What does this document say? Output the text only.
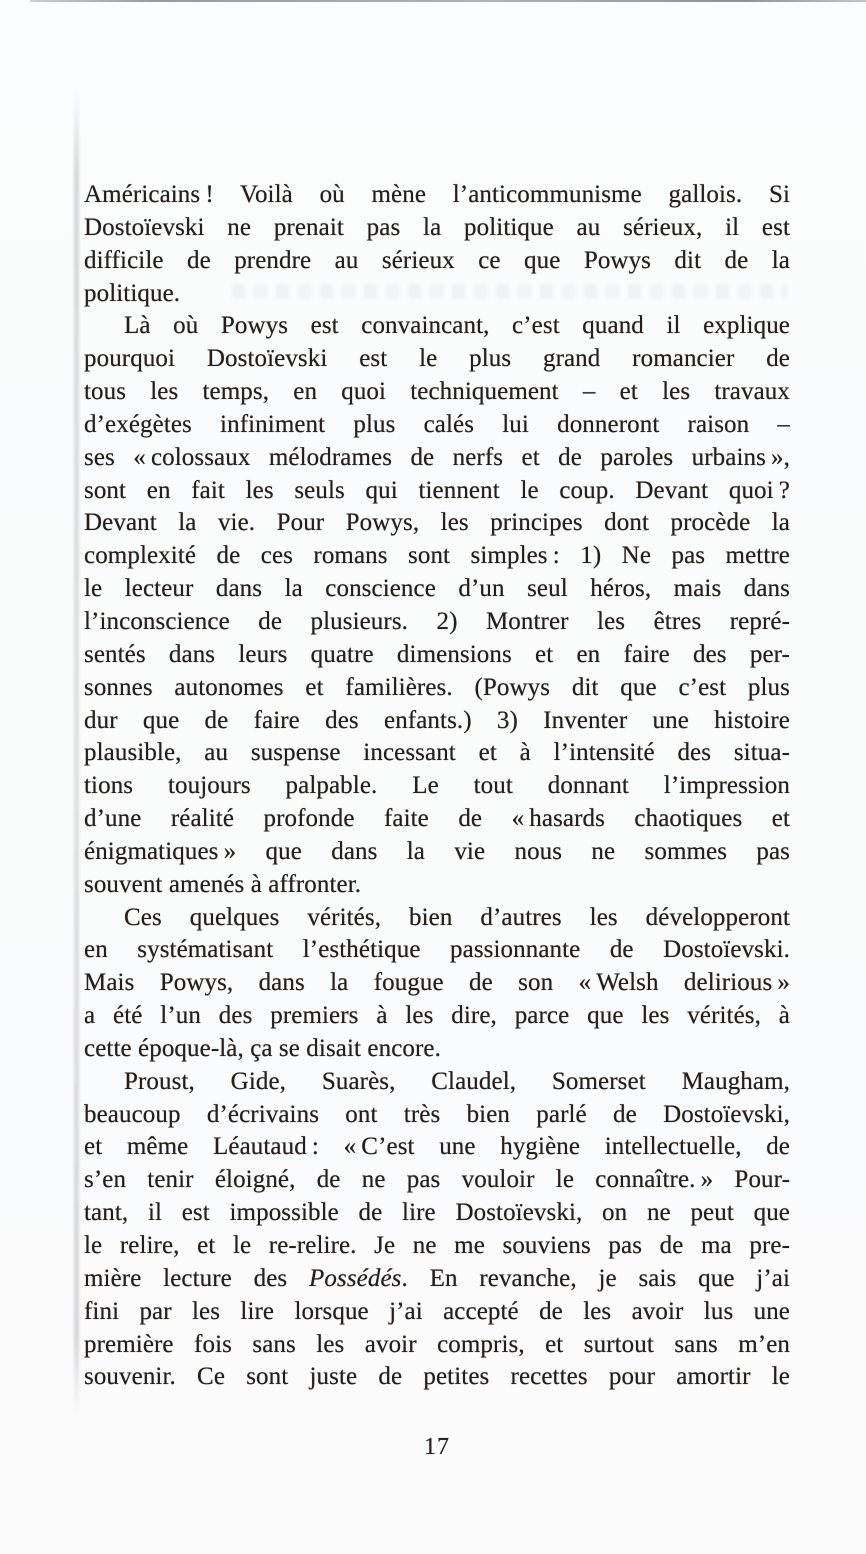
Américains ! Voilà où mène l’anticommunisme gallois. Si
Dostoïevski ne prenait pas la politique au sérieux, il est
difficile de prendre au sérieux ce que Powys dit de la
politique.
Là où Powys est convaincant, c’est quand il explique
pourquoi Dostoïevski est le plus grand romancier de
tous les temps, en quoi techniquement – et les travaux
d’exégètes infiniment plus calés lui donneront raison –
ses « colossaux mélodrames de nerfs et de paroles urbains »,
sont en fait les seuls qui tiennent le coup. Devant quoi ?
Devant la vie. Pour Powys, les principes dont procède la
complexité de ces romans sont simples : 1) Ne pas mettre
le lecteur dans la conscience d’un seul héros, mais dans
l’inconscience de plusieurs. 2) Montrer les êtres repré-
sentés dans leurs quatre dimensions et en faire des per-
sonnes autonomes et familières. (Powys dit que c’est plus
dur que de faire des enfants.) 3) Inventer une histoire
plausible, au suspense incessant et à l’intensité des situa-
tions toujours palpable. Le tout donnant l’impression
d’une réalité profonde faite de « hasards chaotiques et
énigmatiques » que dans la vie nous ne sommes pas
souvent amenés à affronter.
Ces quelques vérités, bien d’autres les développeront
en systématisant l’esthétique passionnante de Dostoïevski.
Mais Powys, dans la fougue de son « Welsh delirious »
a été l’un des premiers à les dire, parce que les vérités, à
cette époque-là, ça se disait encore.
Proust, Gide, Suarès, Claudel, Somerset Maugham,
beaucoup d’écrivains ont très bien parlé de Dostoïevski,
et même Léautaud : « C’est une hygiène intellectuelle, de
s’en tenir éloigné, de ne pas vouloir le connaître. » Pour-
tant, il est impossible de lire Dostoïevski, on ne peut que
le relire, et le re-relire. Je ne me souviens pas de ma pre-
mière lecture des Possédés. En revanche, je sais que j’ai
fini par les lire lorsque j’ai accepté de les avoir lus une
première fois sans les avoir compris, et surtout sans m’en
souvenir. Ce sont juste de petites recettes pour amortir le
17
